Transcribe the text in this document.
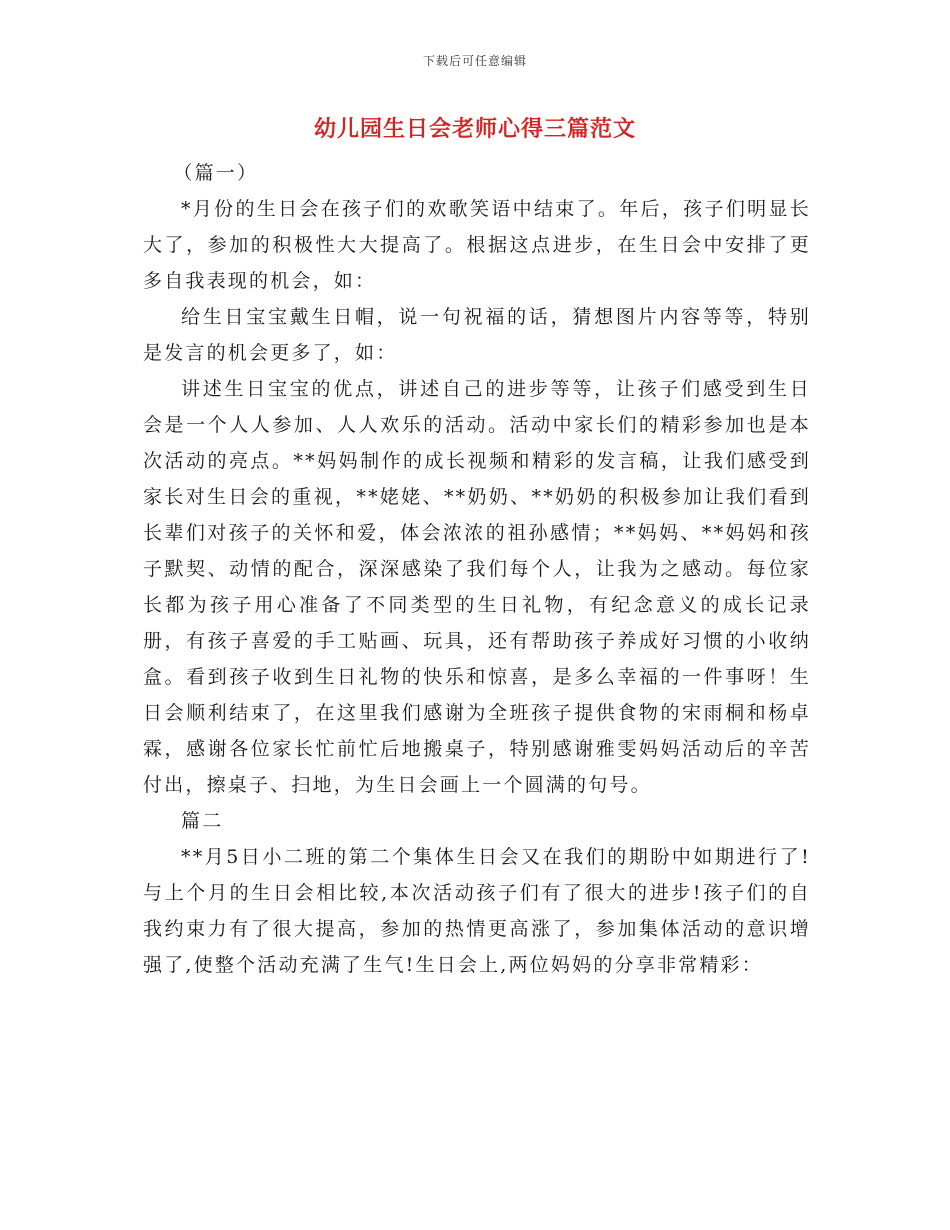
下载后可任意编辑
幼儿园生日会老师心得三篇范文
（篇一）

*月份的生日会在孩子们的欢歌笑语中结束了。年后，孩子们明显长大了，参加的积极性大大提高了。根据这点进步，在生日会中安排了更多自我表现的机会，如：

给生日宝宝戴生日帽，说一句祝福的话，猜想图片内容等等，特别是发言的机会更多了，如：

讲述生日宝宝的优点，讲述自己的进步等等，让孩子们感受到生日会是一个人人参加、人人欢乐的活动。活动中家长们的精彩参加也是本次活动的亮点。**妈妈制作的成长视频和精彩的发言稿，让我们感受到家长对生日会的重视，**姥姥、**奶奶、**奶奶的积极参加让我们看到长辈们对孩子的关怀和爱，体会浓浓的祖孙感情；**妈妈、**妈妈和孩子默契、动情的配合，深深感染了我们每个人，让我为之感动。每位家长都为孩子用心准备了不同类型的生日礼物，有纪念意义的成长记录册，有孩子喜爱的手工贴画、玩具，还有帮助孩子养成好习惯的小收纳盒。看到孩子收到生日礼物的快乐和惊喜，是多么幸福的一件事呀！生日会顺利结束了，在这里我们感谢为全班孩子提供食物的宋雨桐和杨卓霖，感谢各位家长忙前忙后地搬桌子，特别感谢雅雯妈妈活动后的辛苦付出，擦桌子、扫地，为生日会画上一个圆满的句号。

篇二

**月5日小二班的第二个集体生日会又在我们的期盼中如期进行了!与上个月的生日会相比较,本次活动孩子们有了很大的进步!孩子们的自我约束力有了很大提高，参加的热情更高涨了，参加集体活动的意识增强了,使整个活动充满了生气!生日会上,两位妈妈的分享非常精彩：
